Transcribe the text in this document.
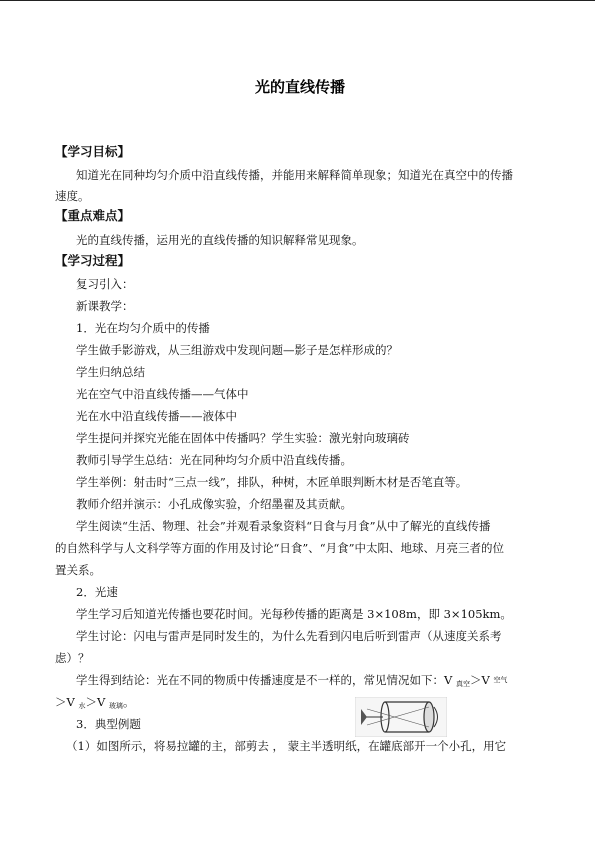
光的直线传播
【学习目标】
知道光在同种均匀介质中沿直线传播，并能用来解释简单现象；知道光在真空中的传播
速度。
【重点难点】
光的直线传播，运用光的直线传播的知识解释常见现象。
【学习过程】
复习引入：
新课教学：
1．光在均匀介质中的传播
学生做手影游戏，从三组游戏中发现问题—影子是怎样形成的？
学生归纳总结
光在空气中沿直线传播——气体中
光在水中沿直线传播——液体中
学生提问并探究光能在固体中传播吗？学生实验：激光射向玻璃砖
教师引导学生总结：光在同种均匀介质中沿直线传播。
学生举例：射击时“三点一线”，排队，种树，木匠单眼判断木材是否笔直等。
教师介绍并演示：小孔成像实验，介绍墨翟及其贡献。
学生阅读“生活、物理、社会”并观看录象资料“日食与月食”从中了解光的直线传播
的自然科学与人文科学等方面的作用及讨论“日食”、“月食”中太阳、地球、月亮三者的位
置关系。
2．光速
学生学习后知道光传播也要花时间。光每秒传播的距离是 3×108m，即 3×105km。
学生讨论：闪电与雷声是同时发生的，为什么先看到闪电后听到雷声（从速度关系考
虑）？
学生得到结论：光在不同的物质中传播速度是不一样的，常见情况如下：V $_{真空}$＞V 空气
＞V $_水$＞V $_{玻璃}$。
3．典型例题
（1）如图所示，将易拉罐的主，部剪去 ， 蒙主半透明纸，在罐底部开一个小孔，用它
